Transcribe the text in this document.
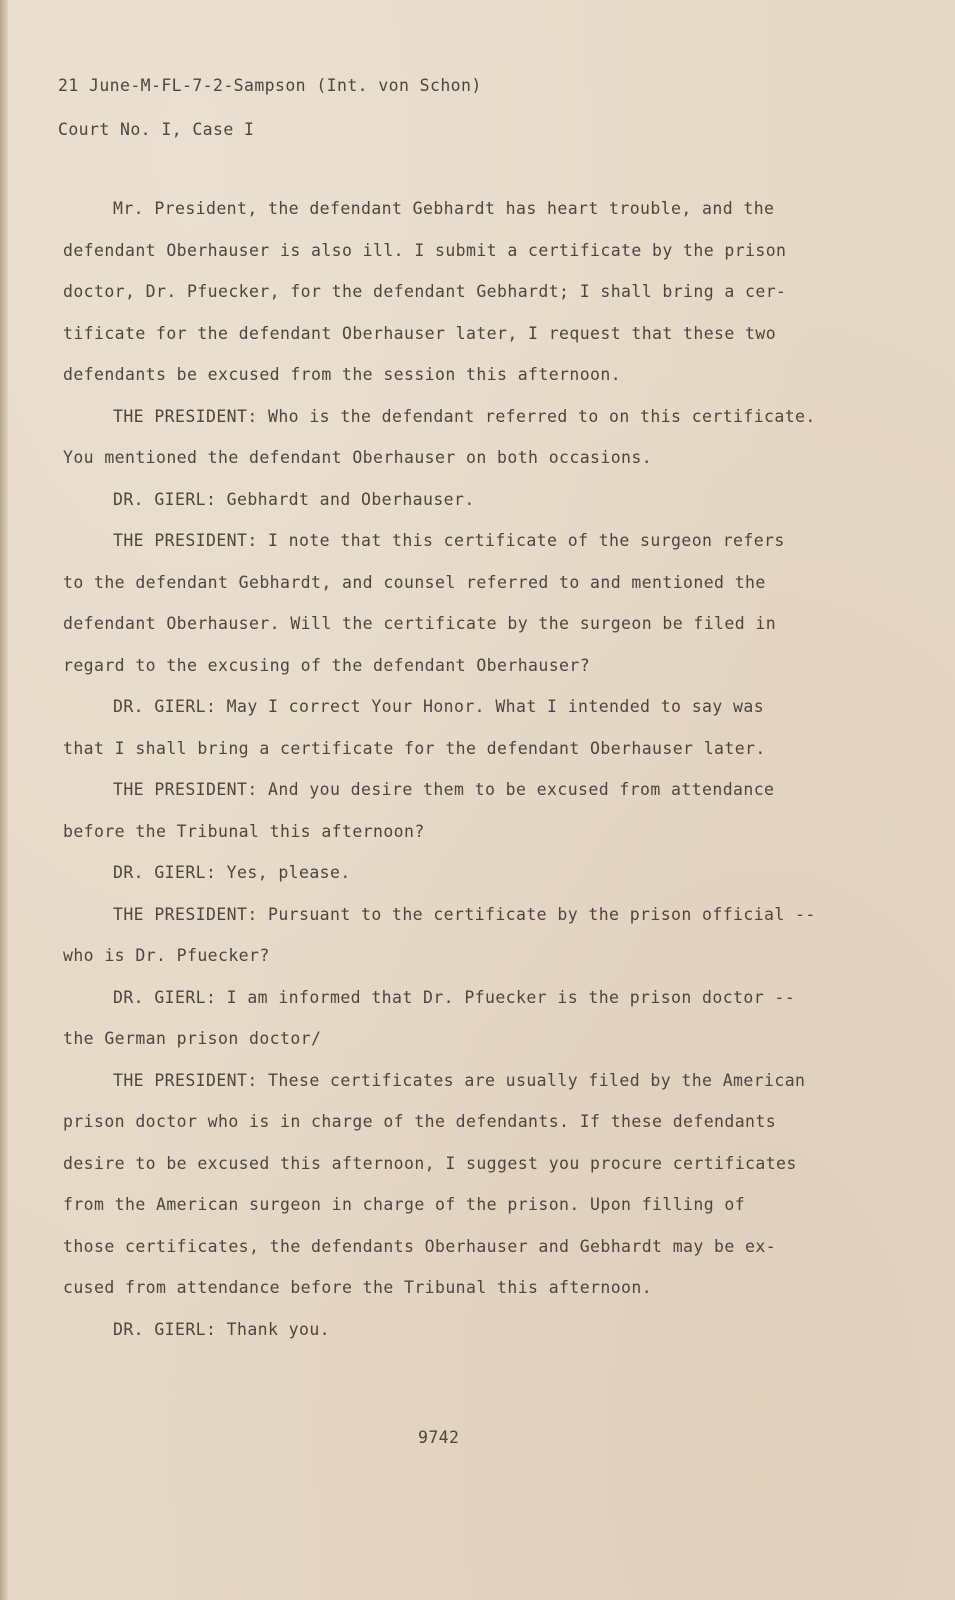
21 June-M-FL-7-2-Sampson (Int. von Schon)

Court No. I, Case I

Mr. President, the defendant Gebhardt has heart trouble, and the

defendant Oberhauser is also ill. I submit a certificate by the prison

doctor, Dr. Pfuecker, for the defendant Gebhardt; I shall bring a cer-

tificate for the defendant Oberhauser later, I request that these two

defendants be excused from the session this afternoon.

THE PRESIDENT: Who is the defendant referred to on this certificate.

You mentioned the defendant Oberhauser on both occasions.

DR. GIERL: Gebhardt and Oberhauser.

THE PRESIDENT: I note that this certificate of the surgeon refers

to the defendant Gebhardt, and counsel referred to and mentioned the

defendant Oberhauser. Will the certificate by the surgeon be filed in

regard to the excusing of the defendant Oberhauser?

DR. GIERL: May I correct Your Honor. What I intended to say was

that I shall bring a certificate for the defendant Oberhauser later.

THE PRESIDENT: And you desire them to be excused from attendance

before the Tribunal this afternoon?

DR. GIERL: Yes, please.

THE PRESIDENT: Pursuant to the certificate by the prison official --

who is Dr. Pfuecker?

DR. GIERL: I am informed that Dr. Pfuecker is the prison doctor --

the German prison doctor/

THE PRESIDENT: These certificates are usually filed by the American

prison doctor who is in charge of the defendants. If these defendants

desire to be excused this afternoon, I suggest you procure certificates

from the American surgeon in charge of the prison. Upon filling of

those certificates, the defendants Oberhauser and Gebhardt may be ex-

cused from attendance before the Tribunal this afternoon.

DR. GIERL: Thank you.

9742
